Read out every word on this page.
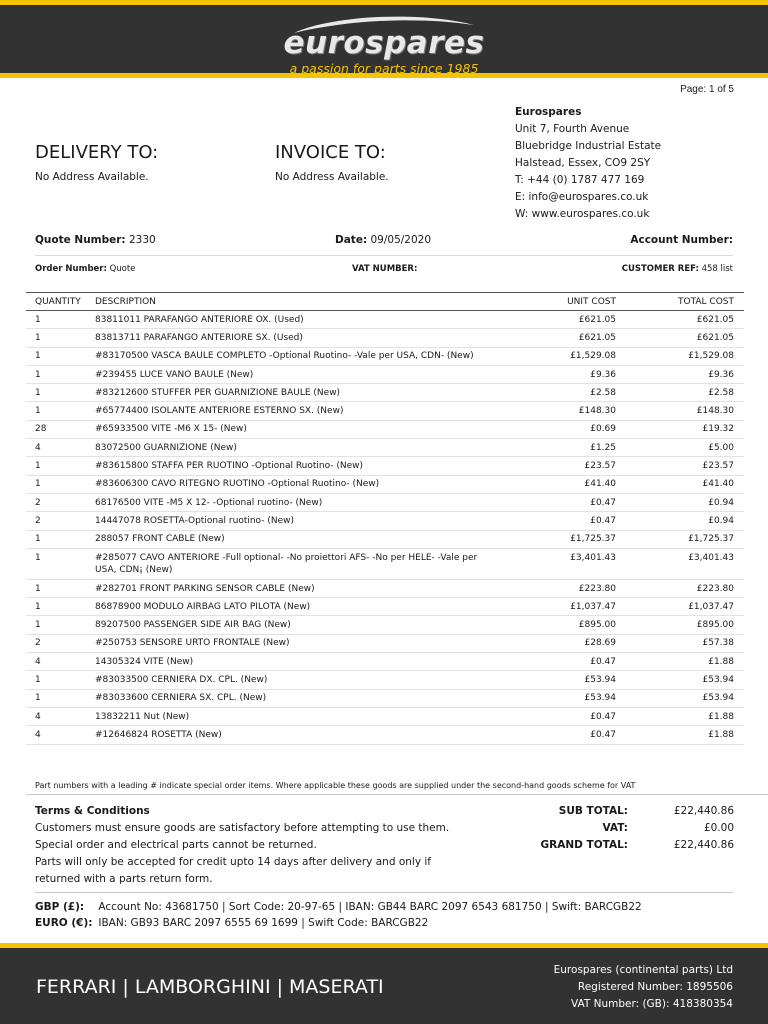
eurospares
a passion for parts since 1985
Page: 1 of 5
Eurospares
Unit 7, Fourth Avenue
Bluebridge Industrial Estate
Halstead, Essex, CO9 2SY
T: +44 (0) 1787 477 169
E: info@eurospares.co.uk
W: www.eurospares.co.uk
DELIVERY TO:
No Address Available.
INVOICE TO:
No Address Available.
Quote Number: 2330	Date: 09/05/2020	Account Number:
Order Number: Quote	VAT NUMBER:	CUSTOMER REF: 458 list
QUANTITY	DESCRIPTION	UNIT COST	TOTAL COST
1	83811011 PARAFANGO ANTERIORE OX. (Used)	£621.05	£621.05
1	83813711 PARAFANGO ANTERIORE SX. (Used)	£621.05	£621.05
1	#83170500 VASCA BAULE COMPLETO -Optional Ruotino- -Vale per USA, CDN- (New)	£1,529.08	£1,529.08
1	#239455 LUCE VANO BAULE (New)	£9.36	£9.36
1	#83212600 STUFFER PER GUARNIZIONE BAULE (New)	£2.58	£2.58
1	#65774400 ISOLANTE ANTERIORE ESTERNO SX. (New)	£148.30	£148.30
28	#65933500 VITE -M6 X 15- (New)	£0.69	£19.32
4	83072500 GUARNIZIONE (New)	£1.25	£5.00
1	#83615800 STAFFA PER RUOTINO -Optional Ruotino- (New)	£23.57	£23.57
1	#83606300 CAVO RITEGNO RUOTINO -Optional Ruotino- (New)	£41.40	£41.40
2	68176500 VITE -M5 X 12- -Optional ruotino- (New)	£0.47	£0.94
2	14447078 ROSETTA-Optional ruotino- (New)	£0.47	£0.94
1	288057 FRONT CABLE (New)	£1,725.37	£1,725.37
1	#285077 CAVO ANTERIORE -Full optional- -No proiettori AFS- -No per HELE- -Vale per USA, CDN¡ (New)	£3,401.43	£3,401.43
1	#282701 FRONT PARKING SENSOR CABLE (New)	£223.80	£223.80
1	86878900 MODULO AIRBAG LATO PILOTA (New)	£1,037.47	£1,037.47
1	89207500 PASSENGER SIDE AIR BAG (New)	£895.00	£895.00
2	#250753 SENSORE URTO FRONTALE (New)	£28.69	£57.38
4	14305324 VITE (New)	£0.47	£1.88
1	#83033500 CERNIERA DX. CPL. (New)	£53.94	£53.94
1	#83033600 CERNIERA SX. CPL. (New)	£53.94	£53.94
4	13832211 Nut (New)	£0.47	£1.88
4	#12646824 ROSETTA (New)	£0.47	£1.88
Part numbers with a leading # indicate special order items. Where applicable these goods are supplied under the second-hand goods scheme for VAT
Terms & Conditions
Customers must ensure goods are satisfactory before attempting to use them.
Special order and electrical parts cannot be returned.
Parts will only be accepted for credit upto 14 days after delivery and only if
returned with a parts return form.
SUB TOTAL:	£22,440.86
VAT:	£0.00
GRAND TOTAL:	£22,440.86
GBP (£): Account No: 43681750 | Sort Code: 20-97-65 | IBAN: GB44 BARC 2097 6543 681750 | Swift: BARCGB22
EURO (€): IBAN: GB93 BARC 2097 6555 69 1699 | Swift Code: BARCGB22
FERRARI | LAMBORGHINI | MASERATI
Eurospares (continental parts) Ltd
Registered Number: 1895506
VAT Number: (GB): 418380354
